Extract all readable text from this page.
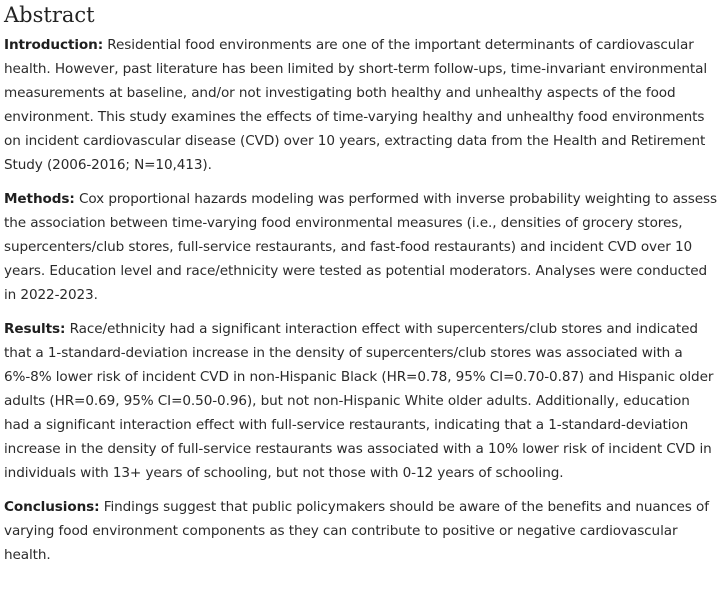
Abstract

Introduction: Residential food environments are one of the important determinants of cardiovascular health. However, past literature has been limited by short-term follow-ups, time-invariant environmental measurements at baseline, and/or not investigating both healthy and unhealthy aspects of the food environment. This study examines the effects of time-varying healthy and unhealthy food environments on incident cardiovascular disease (CVD) over 10 years, extracting data from the Health and Retirement Study (2006-2016; N=10,413).

Methods: Cox proportional hazards modeling was performed with inverse probability weighting to assess the association between time-varying food environmental measures (i.e., densities of grocery stores, supercenters/club stores, full-service restaurants, and fast-food restaurants) and incident CVD over 10 years. Education level and race/ethnicity were tested as potential moderators. Analyses were conducted in 2022-2023.

Results: Race/ethnicity had a significant interaction effect with supercenters/club stores and indicated that a 1-standard-deviation increase in the density of supercenters/club stores was associated with a 6%-8% lower risk of incident CVD in non-Hispanic Black (HR=0.78, 95% CI=0.70-0.87) and Hispanic older adults (HR=0.69, 95% CI=0.50-0.96), but not non-Hispanic White older adults. Additionally, education had a significant interaction effect with full-service restaurants, indicating that a 1-standard-deviation increase in the density of full-service restaurants was associated with a 10% lower risk of incident CVD in individuals with 13+ years of schooling, but not those with 0-12 years of schooling.

Conclusions: Findings suggest that public policymakers should be aware of the benefits and nuances of varying food environment components as they can contribute to positive or negative cardiovascular health.
